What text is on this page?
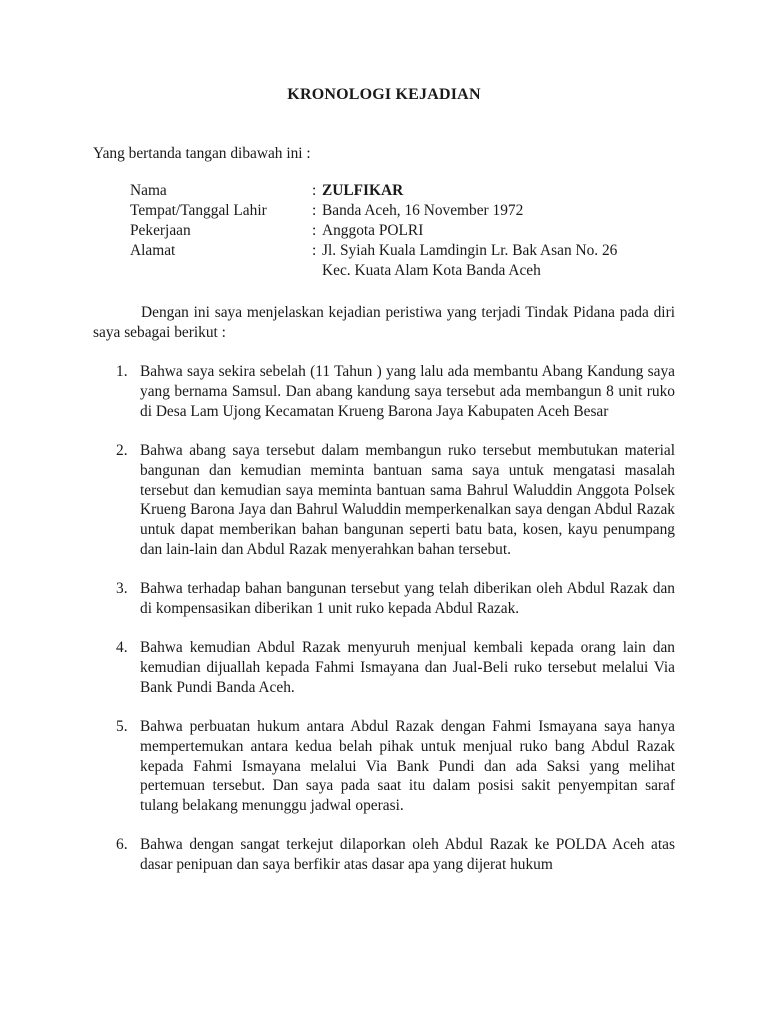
KRONOLOGI KEJADIAN
Yang bertanda tangan dibawah ini :
Nama	: ZULFIKAR
Tempat/Tanggal Lahir	: Banda Aceh, 16 November 1972
Pekerjaan	: Anggota POLRI
Alamat	: Jl. Syiah Kuala Lamdingin Lr. Bak Asan No. 26
Kec. Kuata Alam Kota Banda Aceh
Dengan ini saya menjelaskan kejadian peristiwa yang terjadi Tindak Pidana pada diri saya sebagai berikut :
1. Bahwa saya sekira sebelah (11 Tahun ) yang lalu ada membantu Abang Kandung saya yang bernama Samsul. Dan abang kandung saya tersebut ada membangun 8 unit ruko di Desa Lam Ujong Kecamatan Krueng Barona Jaya Kabupaten Aceh Besar
2. Bahwa abang saya tersebut dalam membangun ruko tersebut membutukan material bangunan dan kemudian meminta bantuan sama saya untuk mengatasi masalah tersebut dan kemudian saya meminta bantuan sama Bahrul Waluddin Anggota Polsek Krueng Barona Jaya dan Bahrul Waluddin memperkenalkan saya dengan Abdul Razak untuk dapat memberikan bahan bangunan seperti batu bata, kosen, kayu penumpang dan lain-lain dan Abdul Razak menyerahkan bahan tersebut.
3. Bahwa terhadap bahan bangunan tersebut yang telah diberikan oleh Abdul Razak dan di kompensasikan diberikan 1 unit ruko kepada Abdul Razak.
4. Bahwa kemudian Abdul Razak menyuruh menjual kembali kepada orang lain dan kemudian dijuallah kepada Fahmi Ismayana dan Jual-Beli ruko tersebut melalui Via Bank Pundi Banda Aceh.
5. Bahwa perbuatan hukum antara Abdul Razak dengan Fahmi Ismayana saya hanya mempertemukan antara kedua belah pihak untuk menjual ruko bang Abdul Razak kepada Fahmi Ismayana melalui Via Bank Pundi dan ada Saksi yang melihat pertemuan tersebut. Dan saya pada saat itu dalam posisi sakit penyempitan saraf tulang belakang menunggu jadwal operasi.
6. Bahwa dengan sangat terkejut dilaporkan oleh Abdul Razak ke POLDA Aceh atas dasar penipuan dan saya berfikir atas dasar apa yang dijerat hukum
